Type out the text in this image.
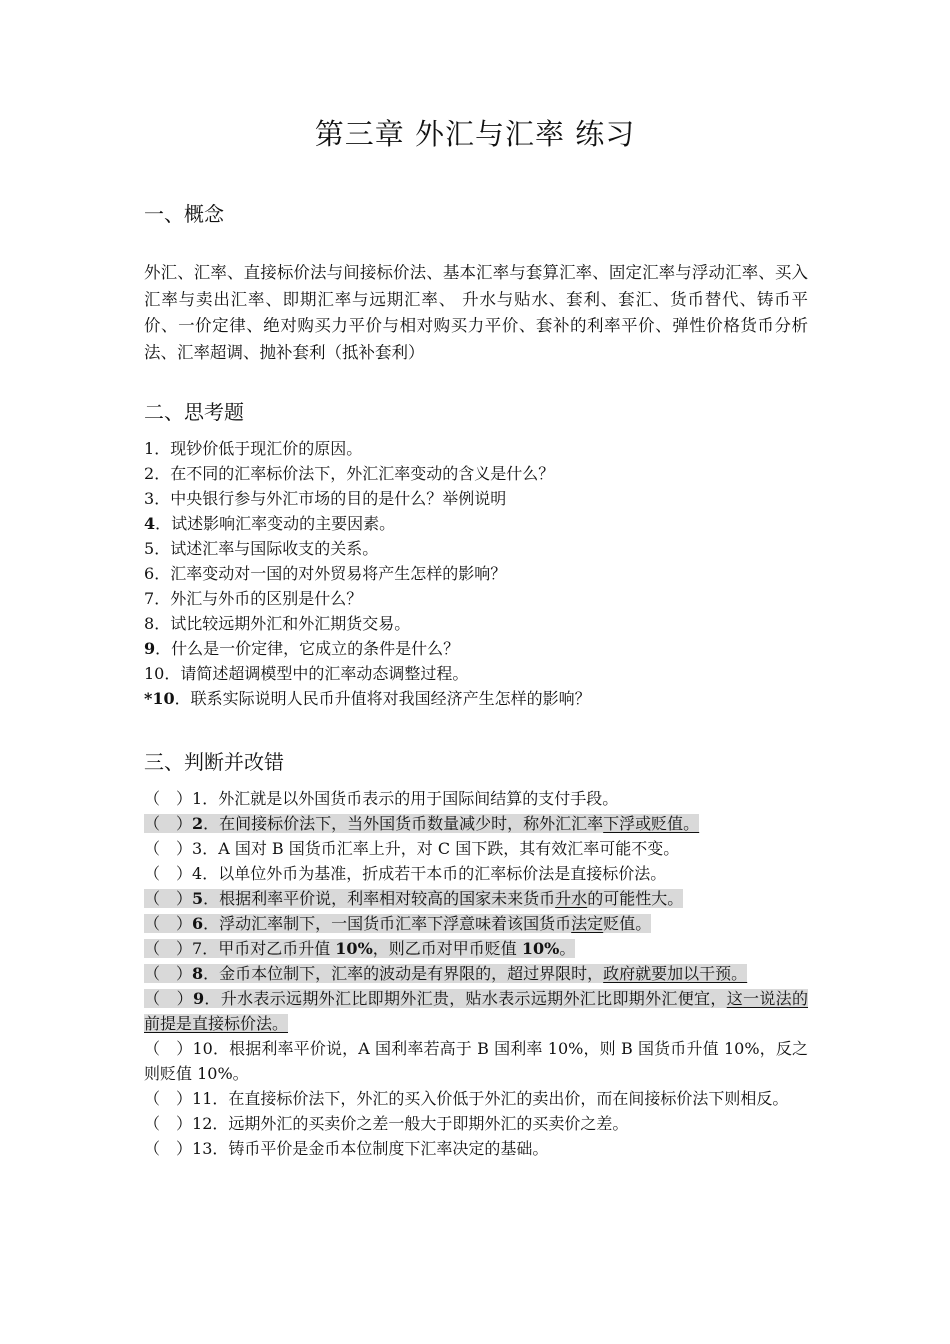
第三章 外汇与汇率 练习
一、概念
外汇、汇率、直接标价法与间接标价法、基本汇率与套算汇率、固定汇率与浮动汇率、买入汇率与卖出汇率、即期汇率与远期汇率、 升水与贴水、套利、套汇、货币替代、铸币平价、一价定律、绝对购买力平价与相对购买力平价、套补的利率平价、弹性价格货币分析法、汇率超调、抛补套利（抵补套利）
二、思考题
1．现钞价低于现汇价的原因。
2．在不同的汇率标价法下，外汇汇率变动的含义是什么？
3．中央银行参与外汇市场的目的是什么？举例说明
4．试述影响汇率变动的主要因素。
5．试述汇率与国际收支的关系。
6．汇率变动对一国的对外贸易将产生怎样的影响？
7．外汇与外币的区别是什么？
8．试比较远期外汇和外汇期货交易。
9．什么是一价定律，它成立的条件是什么？
10．请简述超调模型中的汇率动态调整过程。
*10．联系实际说明人民币升值将对我国经济产生怎样的影响？
三、判断并改错
（　）1．外汇就是以外国货币表示的用于国际间结算的支付手段。
（　）2．在间接标价法下，当外国货币数量减少时，称外汇汇率下浮或贬值。
（　）3．A 国对 B 国货币汇率上升，对 C 国下跌，其有效汇率可能不变。
（　）4．以单位外币为基准，折成若干本币的汇率标价法是直接标价法。
（　）5．根据利率平价说，利率相对较高的国家未来货币升水的可能性大。
（　）6．浮动汇率制下，一国货币汇率下浮意味着该国货币法定贬值。
（　）7．甲币对乙币升值 10%，则乙币对甲币贬值 10%。
（　）8．金币本位制下，汇率的波动是有界限的，超过界限时，政府就要加以干预。
（　）9．升水表示远期外汇比即期外汇贵，贴水表示远期外汇比即期外汇便宜，这一说法的前提是直接标价法。
（　）10．根据利率平价说，A 国利率若高于 B 国利率 10%，则 B 国货币升值 10%，反之则贬值 10%。
（　）11．在直接标价法下，外汇的买入价低于外汇的卖出价，而在间接标价法下则相反。
（　）12．远期外汇的买卖价之差一般大于即期外汇的买卖价之差。
（　）13．铸币平价是金币本位制度下汇率决定的基础。
